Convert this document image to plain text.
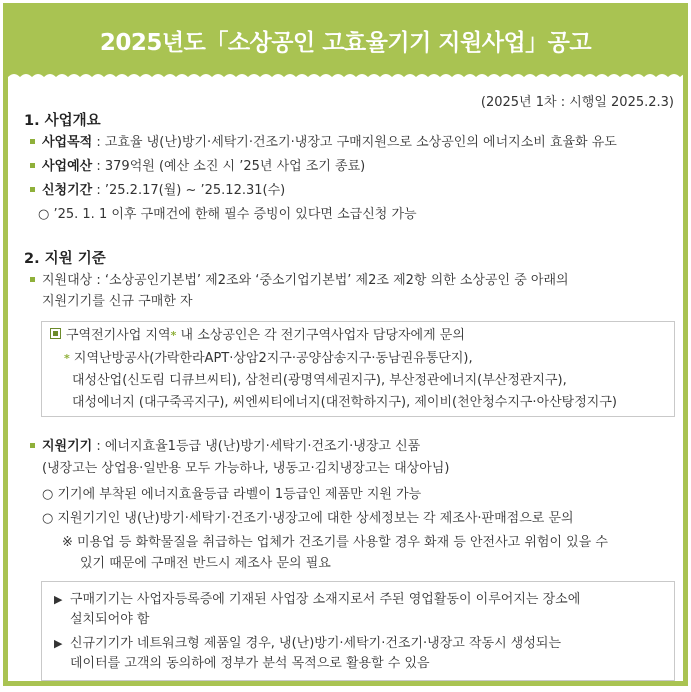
2025년도「소상공인 고효율기기 지원사업」공고
(2025년 1차 : 시행일 2025.2.3)
1. 사업개요
사업목적 : 고효율 냉(난)방기·세탁기·건조기·냉장고 구매지원으로 소상공인의 에너지소비 효율화 유도
사업예산 : 379억원 (예산 소진 시 ’25년 사업 조기 종료)
신청기간 : ’25.2.17(월) ~ ’25.12.31(수)
○ ’25. 1. 1 이후 구매건에 한해 필수 증빙이 있다면 소급신청 가능
2. 지원 기준
지원대상 : ‘소상공인기본법’ 제2조와 ‘중소기업기본법’ 제2조 제2항 의한 소상공인 중 아래의
지원기기를 신규 구매한 자
구역전기사업 지역* 내 소상공인은 각 전기구역사업자 담당자에게 문의
* 지역난방공사(가락한라APT·상암2지구·공양삼송지구·동남권유통단지),
대성산업(신도림 디큐브씨티), 삼천리(광명역세권지구), 부산정관에너지(부산정관지구),
대성에너지 (대구죽곡지구), 씨엔씨티에너지(대전학하지구), 제이비(천안청수지구·아산탕정지구)
지원기기 : 에너지효율1등급 냉(난)방기·세탁기·건조기·냉장고 신품
(냉장고는 상업용·일반용 모두 가능하나, 냉동고·김치냉장고는 대상아님)
○ 기기에 부착된 에너지효율등급 라벨이 1등급인 제품만 지원 가능
○ 지원기기인 냉(난)방기·세탁기·건조기·냉장고에 대한 상세정보는 각 제조사·판매점으로 문의
※ 미용업 등 화학물질을 취급하는 업체가 건조기를 사용할 경우 화재 등 안전사고 위험이 있을 수
있기 때문에 구매전 반드시 제조사 문의 필요
▶ 구매기기는 사업자등록증에 기재된 사업장 소재지로서 주된 영업활동이 이루어지는 장소에
설치되어야 함
▶ 신규기기가 네트워크형 제품일 경우, 냉(난)방기·세탁기·건조기·냉장고 작동시 생성되는
데이터를 고객의 동의하에 정부가 분석 목적으로 활용할 수 있음
